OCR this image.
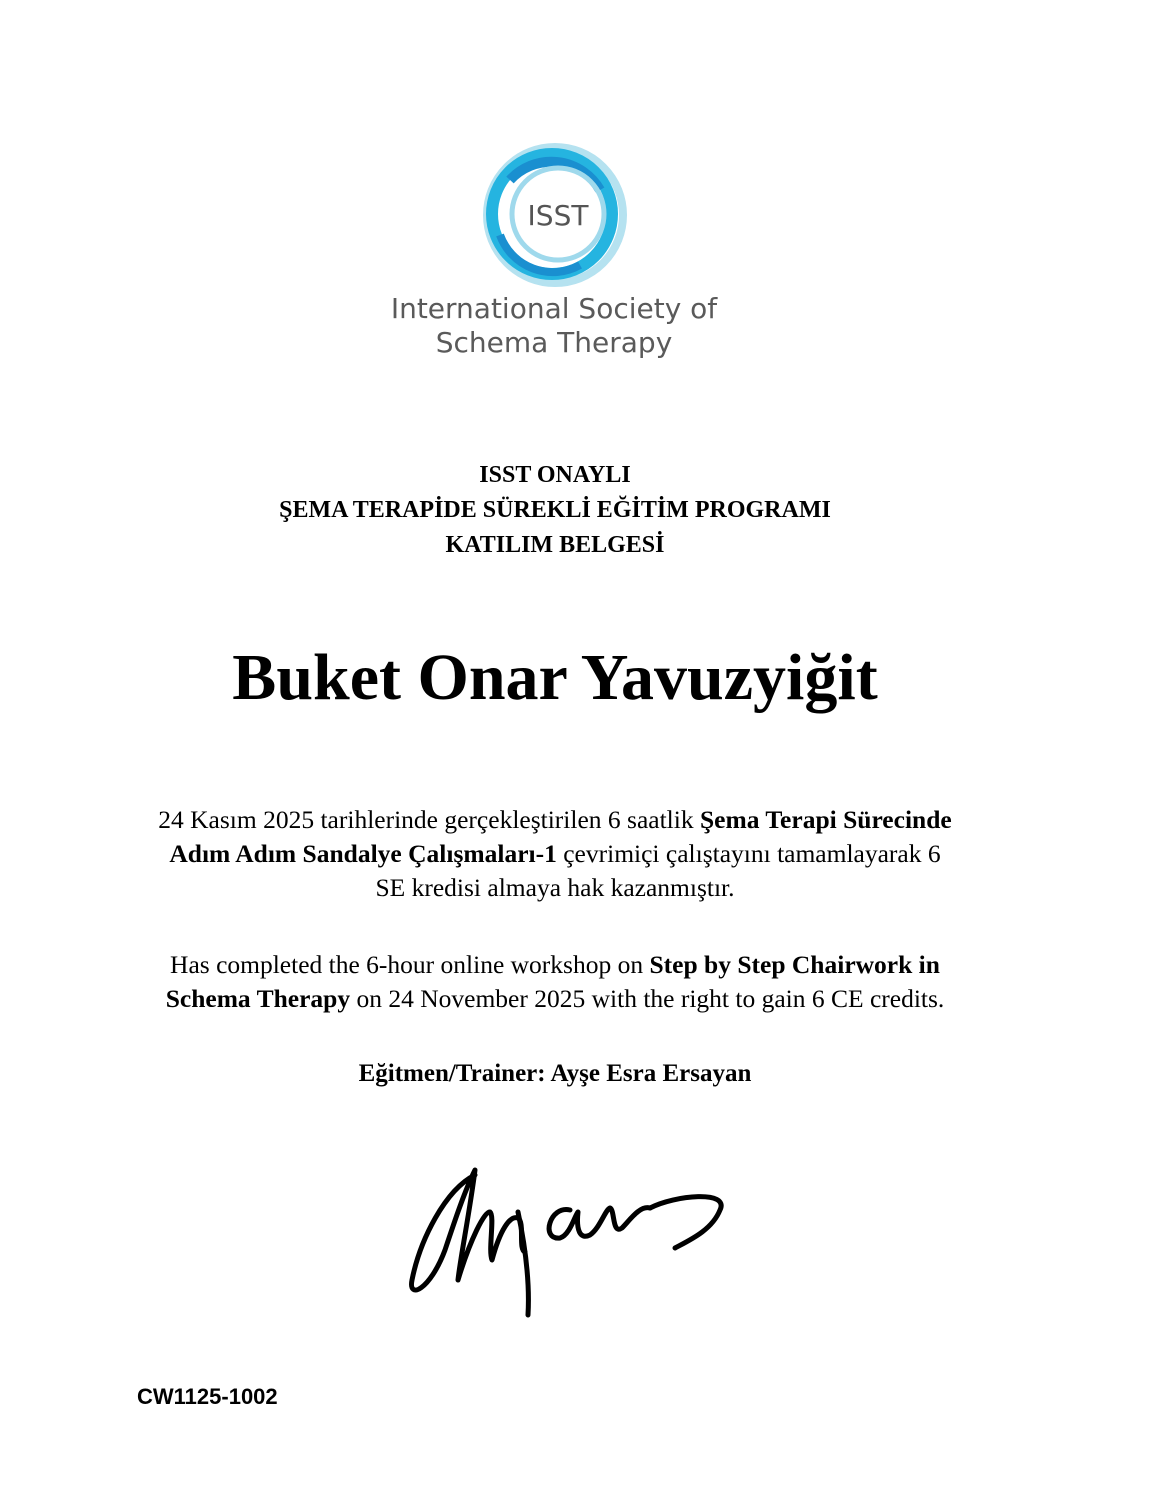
ISST
International Society of
Schema Therapy
ISST ONAYLI
ŞEMA TERAPİDE SÜREKLİ EĞİTİM PROGRAMI
KATILIM BELGESİ
Buket Onar Yavuzyiğit
24 Kasım 2025 tarihlerinde gerçekleştirilen 6 saatlik Şema Terapi Sürecinde
Adım Adım Sandalye Çalışmaları-1 çevrimiçi çalıştayını tamamlayarak 6
SE kredisi almaya hak kazanmıştır.
Has completed the 6-hour online workshop on Step by Step Chairwork in
Schema Therapy on 24 November 2025 with the right to gain 6 CE credits.
Eğitmen/Trainer: Ayşe Esra Ersayan
CW1125-1002
